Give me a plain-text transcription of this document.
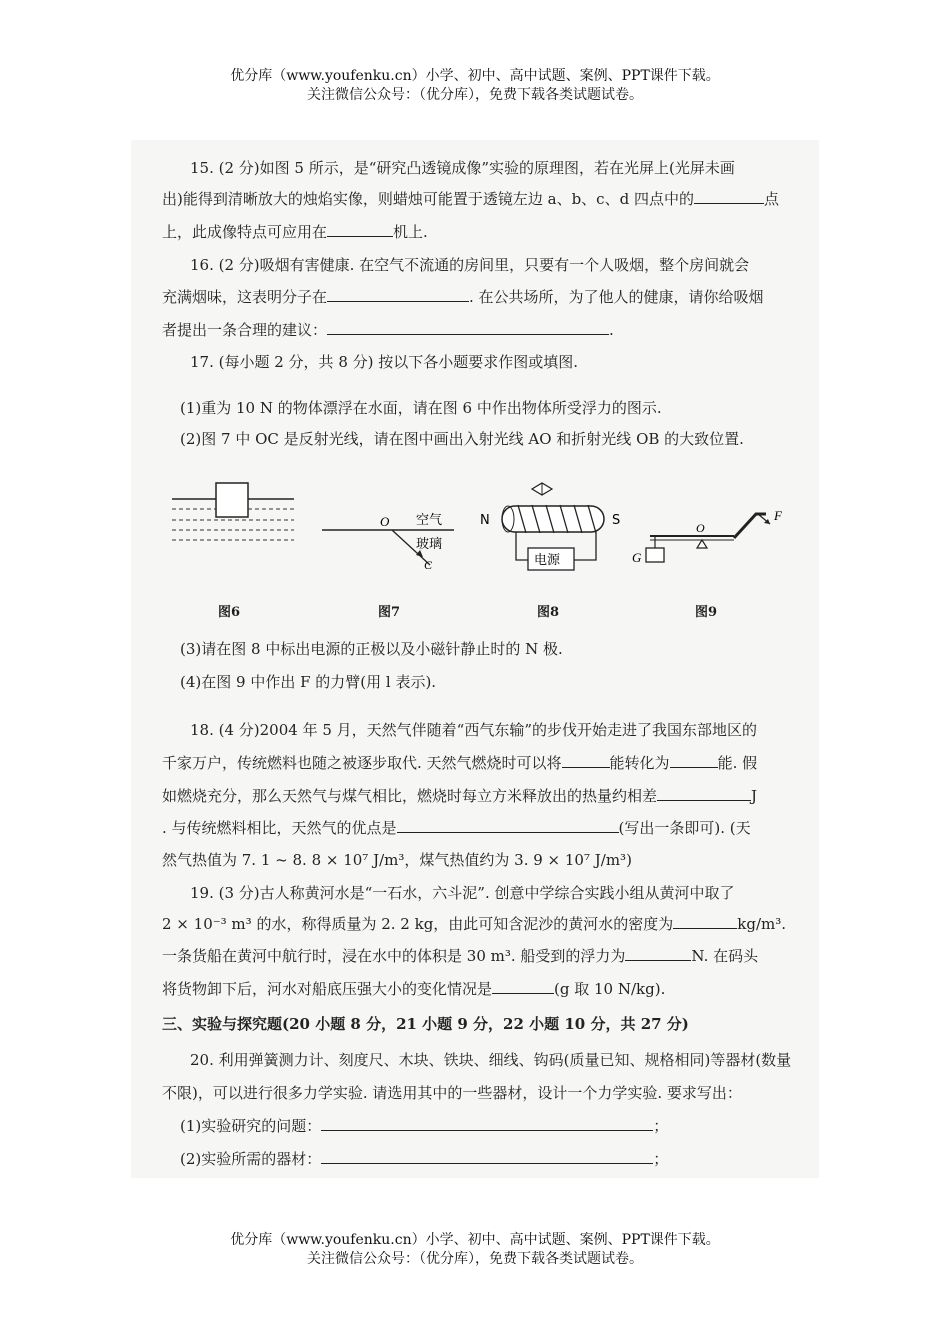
优分库（www.youfenku.cn）小学、初中、高中试题、案例、PPT课件下载。
关注微信公众号：（优分库），免费下载各类试题试卷。
15. (2 分)如图 5 所示，是“研究凸透镜成像”实验的原理图，若在光屏上(光屏未画
出)能得到清晰放大的烛焰实像，则蜡烛可能置于透镜左边 a、b、c、d 四点中的	点
上，此成像特点可应用在	机上.
16. (2 分)吸烟有害健康. 在空气不流通的房间里，只要有一个人吸烟，整个房间就会
充满烟味，这表明分子在	. 在公共场所，为了他人的健康，请你给吸烟
者提出一条合理的建议：	.
17. (每小题 2 分，共 8 分) 按以下各小题要求作图或填图.
(1)重为 10 N 的物体漂浮在水面，请在图 6 中作出物体所受浮力的图示.
(2)图 7 中 OC 是反射光线，请在图中画出入射光线 AO 和折射光线 OB 的大致位置.
O 空气
玻璃
C	电源
N	S
G
O
F
图6	图7	图8	图9
(3)请在图 8 中标出电源的正极以及小磁针静止时的 N 极.
(4)在图 9 中作出 F 的力臂(用 l 表示).
18. (4 分)2004 年 5 月，天然气伴随着“西气东输”的步伐开始走进了我国东部地区的
千家万户，传统燃料也随之被逐步取代. 天然气燃烧时可以将	能转化为	能. 假
如燃烧充分，那么天然气与煤气相比，燃烧时每立方米释放出的热量约相差	J
. 与传统燃料相比，天然气的优点是	(写出一条即可). (天
然气热值为 7. 1 ~ 8. 8 × 10⁷ J/m³，煤气热值约为 3. 9 × 10⁷ J/m³)
19. (3 分)古人称黄河水是“一石水，六斗泥”. 创意中学综合实践小组从黄河中取了
2 × 10⁻³ m³ 的水，称得质量为 2. 2 kg，由此可知含泥沙的黄河水的密度为	kg/m³.
一条货船在黄河中航行时，浸在水中的体积是 30 m³. 船受到的浮力为	N. 在码头
将货物卸下后，河水对船底压强大小的变化情况是	(g 取 10 N/kg).
三、实验与探究题(20 小题 8 分，21 小题 9 分，22 小题 10 分，共 27 分)
20. 利用弹簧测力计、刻度尺、木块、铁块、细线、钩码(质量已知、规格相同)等器材(数量
不限)，可以进行很多力学实验. 请选用其中的一些器材，设计一个力学实验. 要求写出：
(1)实验研究的问题：	；
(2)实验所需的器材：	；
优分库（www.youfenku.cn）小学、初中、高中试题、案例、PPT课件下载。
关注微信公众号：（优分库），免费下载各类试题试卷。
